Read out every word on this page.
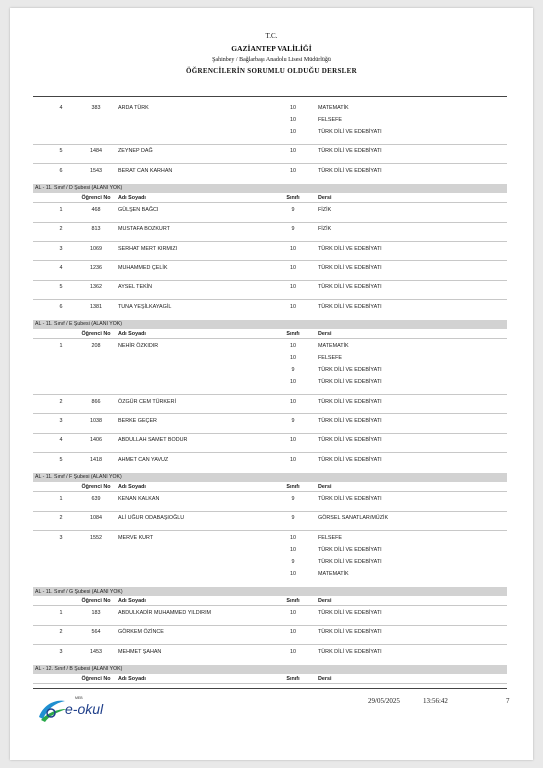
T.C.
GAZİANTEP VALİLİĞİ
Şahinbey / Bağlarbaşı Anadolu Lisesi Müdürlüğü
ÖĞRENCİLERİN SORUMLU OLDUĞU DERSLER
4	383	ARDA TÜRK	10	MATEMATİK
10	FELSEFE
10	TÜRK DİLİ VE EDEBİYATI
5	1484	ZEYNEP DAĞ	10	TÜRK DİLİ VE EDEBİYATI
6	1543	BERAT CAN KARHAN	10	TÜRK DİLİ VE EDEBİYATI
AL - 11. Sınıf / D Şubesi (ALANI YOK)
Öğrenci No Adı Soyadı	Sınıfı	Dersi
1	468	GÜLŞEN BAĞCI	9	FİZİK
2	813	MUSTAFA BOZKURT	9	FİZİK
3	1069	SERHAT MERT KIRMIZI	10	TÜRK DİLİ VE EDEBİYATI
4	1236	MUHAMMED ÇELİK	10	TÜRK DİLİ VE EDEBİYATI
5	1362	AYSEL TEKİN	10	TÜRK DİLİ VE EDEBİYATI
6	1381	TUNA YEŞİLKAYAGİL	10	TÜRK DİLİ VE EDEBİYATI
AL - 11. Sınıf / E Şubesi (ALANI YOK)
Öğrenci No Adı Soyadı	Sınıfı	Dersi
1	208	NEHİR ÖZKIDIR	10	MATEMATİK
10	FELSEFE
9	TÜRK DİLİ VE EDEBİYATI
10	TÜRK DİLİ VE EDEBİYATI
2	866	ÖZGÜR CEM TÜRKERİ	10	TÜRK DİLİ VE EDEBİYATI
3	1038	BERKE GEÇER	9	TÜRK DİLİ VE EDEBİYATI
4	1406	ABDULLAH SAMET BODUR	10	TÜRK DİLİ VE EDEBİYATI
5	1418	AHMET CAN YAVUZ	10	TÜRK DİLİ VE EDEBİYATI
AL - 11. Sınıf / F Şubesi (ALANI YOK)
Öğrenci No Adı Soyadı	Sınıfı	Dersi
1	639	KENAN KALKAN	9	TÜRK DİLİ VE EDEBİYATI
2	1084	ALİ UĞUR ODABAŞIOĞLU	9	GÖRSEL SANATLAR/MÜZİK
3	1552	MERVE KURT	10	FELSEFE
10	TÜRK DİLİ VE EDEBİYATI
9	TÜRK DİLİ VE EDEBİYATI
10	MATEMATİK
AL - 11. Sınıf / G Şubesi (ALANI YOK)
Öğrenci No Adı Soyadı	Sınıfı	Dersi
1	183	ABDULKADİR MUHAMMED YILDIRIM	10	TÜRK DİLİ VE EDEBİYATI
2	564	GÖRKEM ÖZİNCE	10	TÜRK DİLİ VE EDEBİYATI
3	1453	MEHMET ŞAHAN	10	TÜRK DİLİ VE EDEBİYATI
AL - 12. Sınıf / B Şubesi (ALANI YOK)
Öğrenci No Adı Soyadı	Sınıfı	Dersi
MEB
e-okul	29/05/2025	13:56:42	7
